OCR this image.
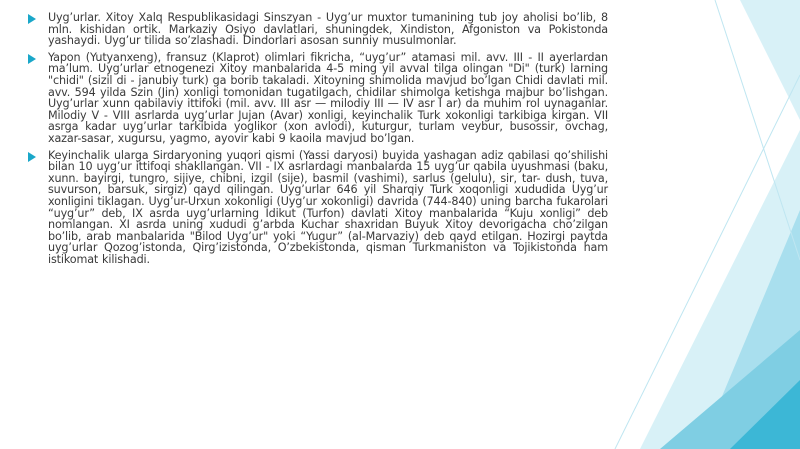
Uyg’urlar. Xitoy Xalq Respublikasidagi Sinszyan - Uyg’ur muxtor tumanining tub joy aholisi bo’lib, 8 mln. kishidan ortik. Markaziy Osiyo davlatlari, shuningdek, Xindiston, Afgoniston va Pokistonda yashaydi. Uyg’ur tilida so’zlashadi. Dindorlari asosan sunniy musulmonlar.
Yapon (Yutyanxeng), fransuz (Klaprot) olimlari fikricha, “uyg’ur” atamasi mil. avv. III - II ayerlardan ma’lum. Uyg’urlar etnogenezi Xitoy manbalarida 4-5 ming yil avval tilga olingan "Di" (turk) larning "chidi" (sizil di - janubiy turk) ga borib takaladi. Xitoyning shimolida mavjud bo’lgan Chidi davlati mil. avv. 594 yilda Szin (Jin) xonligi tomonidan tugatilgach, chidilar shimolga ketishga majbur bo’lishgan. Uyg’urlar xunn qabilaviy ittifoki (mil. avv. III asr — milodiy III — IV asr I ar) da muhim rol uynaganlar. Milodiy V - VIII asrlarda uyg’urlar Jujan (Avar) xonligi, keyinchalik Turk xokonligi tarkibiga kirgan. VII asrga kadar uyg’urlar tarkibida yoglikor (xon avlodi), kuturgur, turlam veybur, busossir, ovchag, xazar-sasar, xugursu, yagmo, ayovir kabi 9 kaoila mavjud bo’lgan.
Keyinchalik ularga Sirdaryoning yuqori qismi (Yassi daryosi) buyida yashagan adiz qabilasi qo’shilishi bilan 10 uyg’ur ittifoqi shakllangan. VII - IX asrlardagi manbalarda 15 uyg’ur qabila uyushmasi (baku, xunn. bayirgi, tungro, sijiye, chibni, izgil (sije), basmil (vashimi), sarlus (gelulu), sir, tar- dush, tuva, suvurson, barsuk, sirgiz) qayd qilingan. Uyg’urlar 646 yil Sharqiy Turk xoqonligi xududida Uyg’ur xonligini tiklagan. Uyg’ur-Urxun xokonligi (Uyg’ur xokonligi) davrida (744-840) uning barcha fukarolari “uyg’ur” deb, IX asrda uyg’urlarning Idikut (Turfon) davlati Xitoy manbalarida “Kuju xonligi” deb nomlangan. XI asrda uning xududi g’arbda Kuchar shaxridan Buyuk Xitoy devorigacha cho’zilgan bo’lib, arab manbalarida "Bilod Uyg’ur" yoki “Yugur” (al-Marvaziy) deb qayd etilgan. Hozirgi paytda uyg’urlar Qozog’istonda, Qirg’izistonda, O’zbekistonda, qisman Turkmaniston va Tojikistonda ham istikomat kilishadi.
